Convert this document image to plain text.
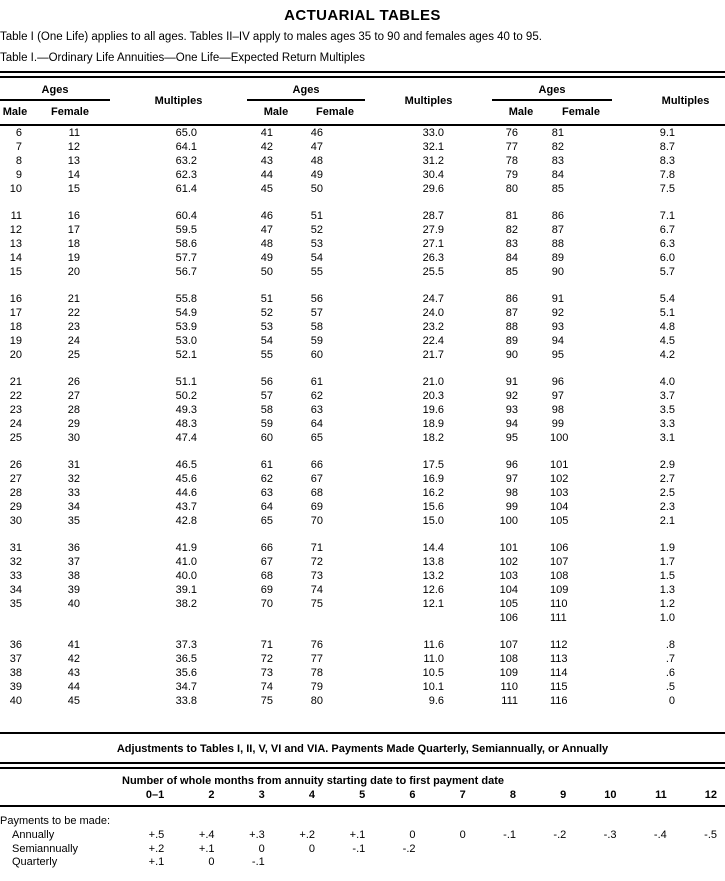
ACTUARIAL TABLES
Table I (One Life) applies to all ages. Tables II–IV apply to males ages 35 to 90 and females ages 40 to 95.
Table I.—Ordinary Life Annuities—One Life—Expected Return Multiples
Ages		Multiples	Ages		Multiples	Ages		Multiples
Male	Female		Male	Female		Male	Female	
6	11	65.0	41	46	33.0	76	81	9.1
7	12	64.1	42	47	32.1	77	82	8.7
8	13	63.2	43	48	31.2	78	83	8.3
9	14	62.3	44	49	30.4	79	84	7.8
10	15	61.4	45	50	29.6	80	85	7.5

11	16	60.4	46	51	28.7	81	86	7.1
12	17	59.5	47	52	27.9	82	87	6.7
13	18	58.6	48	53	27.1	83	88	6.3
14	19	57.7	49	54	26.3	84	89	6.0
15	20	56.7	50	55	25.5	85	90	5.7

16	21	55.8	51	56	24.7	86	91	5.4
17	22	54.9	52	57	24.0	87	92	5.1
18	23	53.9	53	58	23.2	88	93	4.8
19	24	53.0	54	59	22.4	89	94	4.5
20	25	52.1	55	60	21.7	90	95	4.2

21	26	51.1	56	61	21.0	91	96	4.0
22	27	50.2	57	62	20.3	92	97	3.7
23	28	49.3	58	63	19.6	93	98	3.5
24	29	48.3	59	64	18.9	94	99	3.3
25	30	47.4	60	65	18.2	95	100	3.1

26	31	46.5	61	66	17.5	96	101	2.9
27	32	45.6	62	67	16.9	97	102	2.7
28	33	44.6	63	68	16.2	98	103	2.5
29	34	43.7	64	69	15.6	99	104	2.3
30	35	42.8	65	70	15.0	100	105	2.1

31	36	41.9	66	71	14.4	101	106	1.9
32	37	41.0	67	72	13.8	102	107	1.7
33	38	40.0	68	73	13.2	103	108	1.5
34	39	39.1	69	74	12.6	104	109	1.3
35	40	38.2	70	75	12.1	105	110	1.2
						106	111	1.0

36	41	37.3	71	76	11.6	107	112	.8
37	42	36.5	72	77	11.0	108	113	.7
38	43	35.6	73	78	10.5	109	114	.6
39	44	34.7	74	79	10.1	110	115	.5
40	45	33.8	75	80	9.6	111	116	0

Adjustments to Tables I, II, V, VI and VIA. Payments Made Quarterly, Semiannually, or Annually
Number of whole months from annuity starting date to first payment date
	0–1	2	3	4	5	6	7	8	9	10	11	12
Payments to be made:												
Annually	+.5	+.4	+.3	+.2	+.1	0	0	-.1	-.2	-.3	-.4	-.5
Semiannually	+.2	+.1	0	0	-.1	-.2						
Quarterly	+.1	0	-.1									
